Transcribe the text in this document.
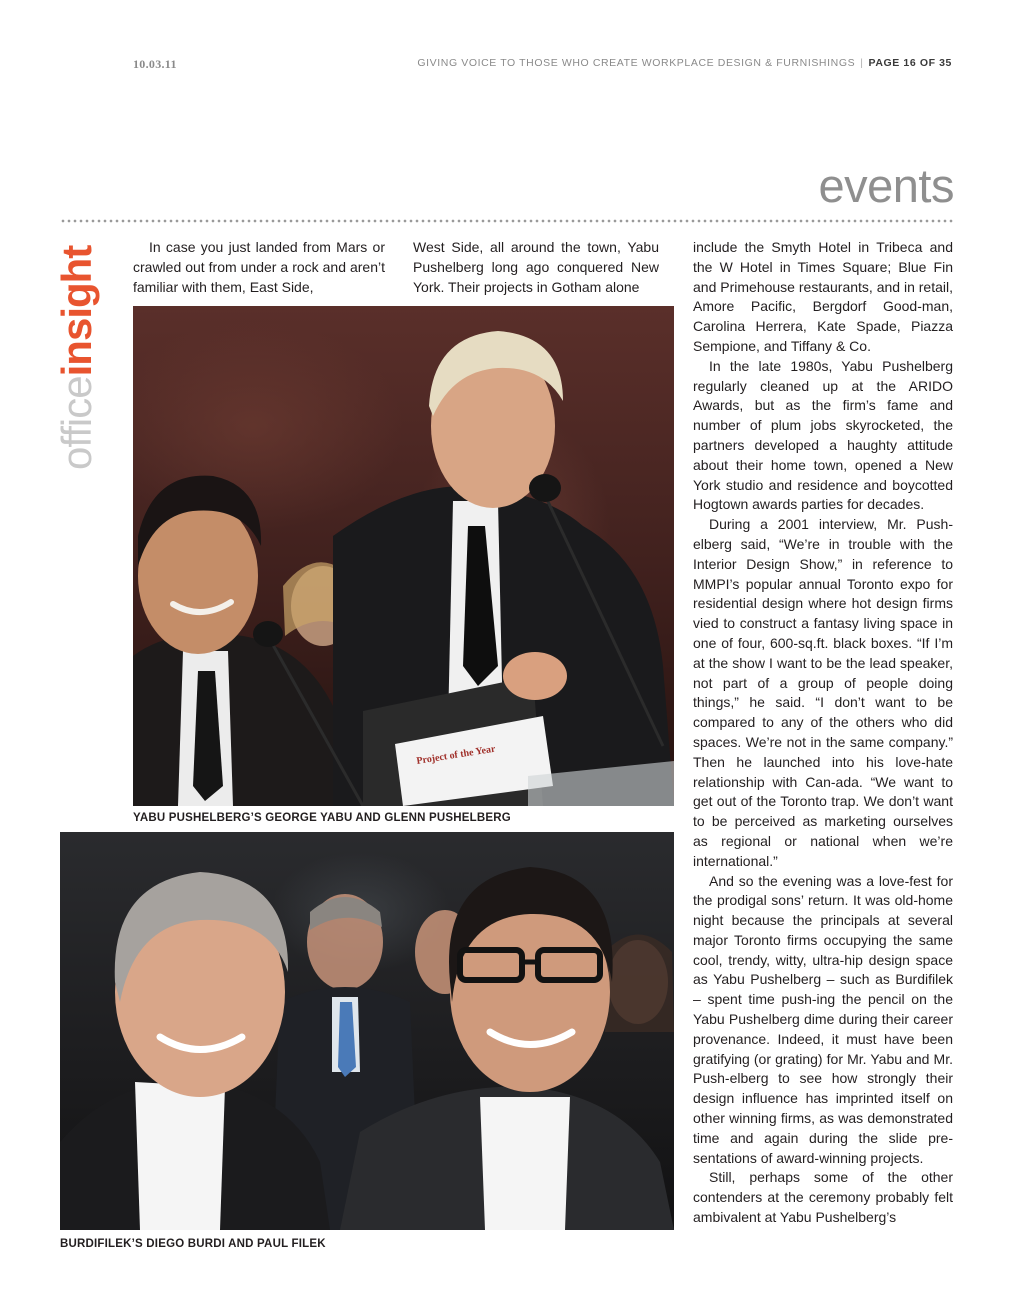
10.03.11	GIVING VOICE TO THOSE WHO CREATE WORKPLACE DESIGN & FURNISHINGS | PAGE 16 OF 35
events
officeinsight	In case you just landed from Mars or crawled out from under a rock and aren’t familiar with them, East Side,

West Side, all around the town, Yabu Pushelberg long ago conquered New York. Their projects in Gotham alone

include the Smyth Hotel in Tribeca and the W Hotel in Times Square; Blue Fin and Primehouse restaurants, and in retail, Amore Pacific, Bergdorf Good-man, Carolina Herrera, Kate Spade, Piazza Sempione, and Tiffany & Co.

In the late 1980s, Yabu Pushelberg regularly cleaned up at the ARIDO Awards, but as the firm’s fame and number of plum jobs skyrocketed, the partners developed a haughty attitude about their home town, opened a New York studio and residence and boycotted Hogtown awards parties for decades.

During a 2001 interview, Mr. Push-elberg said, “We’re in trouble with the Interior Design Show,” in reference to MMPI’s popular annual Toronto expo for residential design where hot design firms vied to construct a fantasy living space in one of four, 600-sq.ft. black boxes. “If I’m at the show I want to be the lead speaker, not part of a group of people doing things,” he said. “I don’t want to be compared to any of the others who did spaces. We’re not in the same company.” Then he launched into his love-hate relationship with Can-ada. “We want to get out of the Toronto trap. We don’t want to be perceived as marketing ourselves as regional or national when we’re international.”

And so the evening was a love-fest for the prodigal sons’ return. It was old-home night because the principals at several major Toronto firms occupying the same cool, trendy, witty, ultra-hip design space as Yabu Pushelberg – such as Burdifilek – spent time push-ing the pencil on the Yabu Pushelberg dime during their career provenance. Indeed, it must have been gratifying (or grating) for Mr. Yabu and Mr. Push-elberg to see how strongly their design influence has imprinted itself on other winning firms, as was demonstrated time and again during the slide pre-sentations of award-winning projects.

Still, perhaps some of the other contenders at the ceremony probably felt ambivalent at Yabu Pushelberg’s

Project of the Year
YABU PUSHELBERG’S GEORGE YABU AND GLENN PUSHELBERG
BURDIFILEK’S DIEGO BURDI AND PAUL FILEK
